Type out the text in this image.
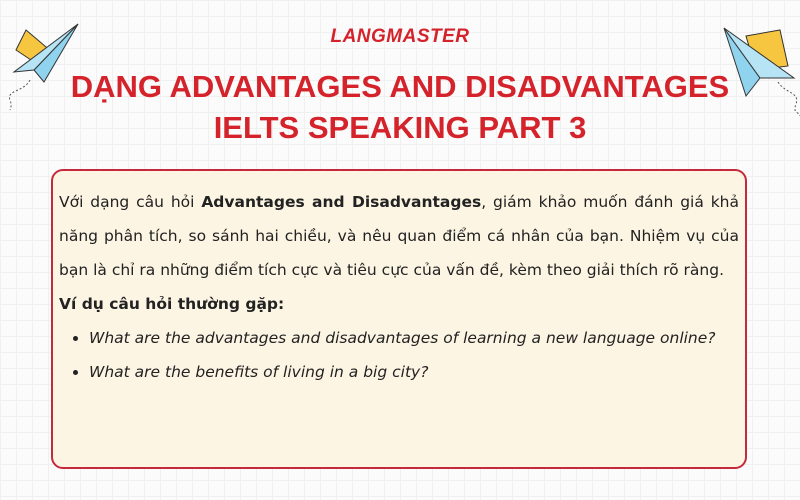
LANGMASTER
DẠNG ADVANTAGES AND DISADVANTAGES
IELTS SPEAKING PART 3

Với dạng câu hỏi Advantages and Disadvantages, giám khảo muốn đánh giá khả năng phân tích, so sánh hai chiều, và nêu quan điểm cá nhân của bạn. Nhiệm vụ của bạn là chỉ ra những điểm tích cực và tiêu cực của vấn đề, kèm theo giải thích rõ ràng.

Ví dụ câu hỏi thường gặp:

• What are the advantages and disadvantages of learning a new language online?
• What are the benefits of living in a big city?
